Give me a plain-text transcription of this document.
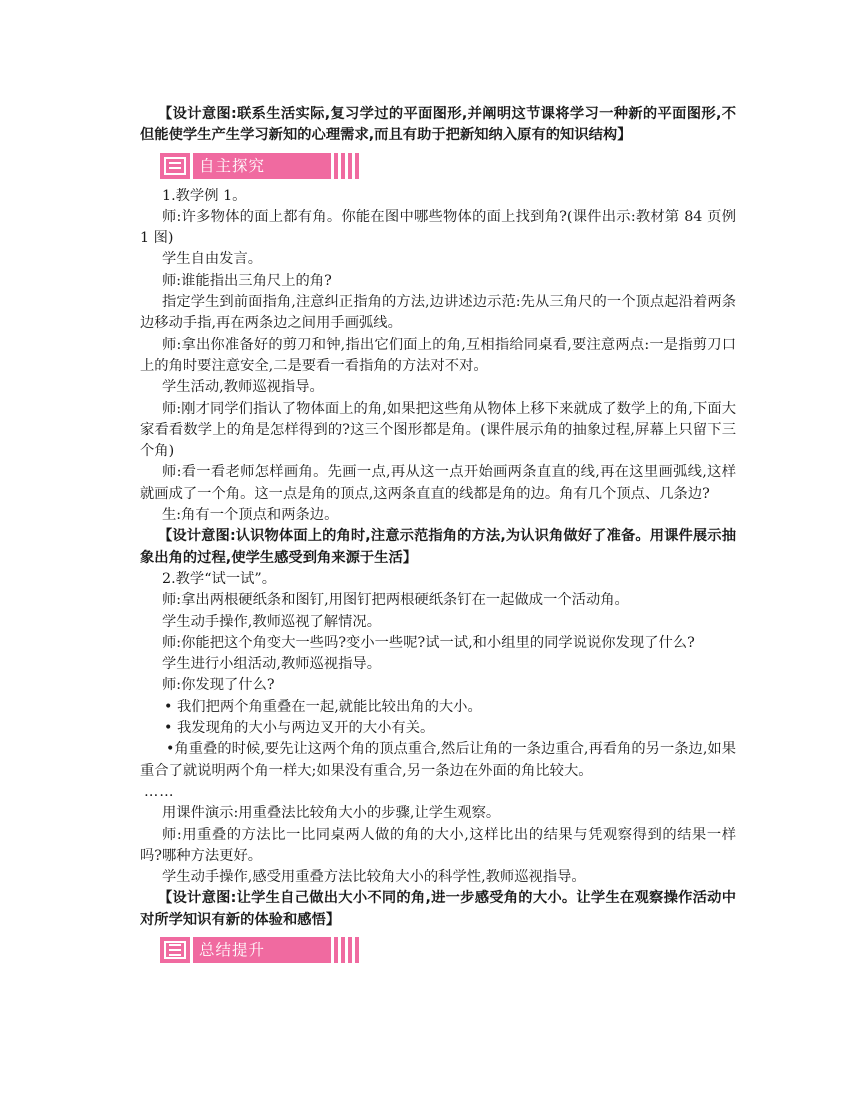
【设计意图:联系生活实际,复习学过的平面图形,并阐明这节课将学习一种新的平面图形,不但能使学生产生学习新知的心理需求,而且有助于把新知纳入原有的知识结构】

自主探究

1.教学例 1。

师:许多物体的面上都有角。你能在图中哪些物体的面上找到角?(课件出示:教材第 84 页例 1 图)

学生自由发言。

师:谁能指出三角尺上的角?

指定学生到前面指角,注意纠正指角的方法,边讲述边示范:先从三角尺的一个顶点起沿着两条边移动手指,再在两条边之间用手画弧线。

师:拿出你准备好的剪刀和钟,指出它们面上的角,互相指给同桌看,要注意两点:一是指剪刀口上的角时要注意安全,二是要看一看指角的方法对不对。

学生活动,教师巡视指导。

师:刚才同学们指认了物体面上的角,如果把这些角从物体上移下来就成了数学上的角,下面大家看看数学上的角是怎样得到的?这三个图形都是角。(课件展示角的抽象过程,屏幕上只留下三个角)

师:看一看老师怎样画角。先画一点,再从这一点开始画两条直直的线,再在这里画弧线,这样就画成了一个角。这一点是角的顶点,这两条直直的线都是角的边。角有几个顶点、几条边?

生:角有一个顶点和两条边。

【设计意图:认识物体面上的角时,注意示范指角的方法,为认识角做好了准备。用课件展示抽象出角的过程,使学生感受到角来源于生活】

2.教学“试一试”。

师:拿出两根硬纸条和图钉,用图钉把两根硬纸条钉在一起做成一个活动角。

学生动手操作,教师巡视了解情况。

师:你能把这个角变大一些吗?变小一些呢?试一试,和小组里的同学说说你发现了什么?

学生进行小组活动,教师巡视指导。

师:你发现了什么?

• 我们把两个角重叠在一起,就能比较出角的大小。

• 我发现角的大小与两边叉开的大小有关。

•角重叠的时候,要先让这两个角的顶点重合,然后让角的一条边重合,再看角的另一条边,如果重合了就说明两个角一样大;如果没有重合,另一条边在外面的角比较大。

……

用课件演示:用重叠法比较角大小的步骤,让学生观察。

师:用重叠的方法比一比同桌两人做的角的大小,这样比出的结果与凭观察得到的结果一样吗?哪种方法更好。

学生动手操作,感受用重叠方法比较角大小的科学性,教师巡视指导。

【设计意图:让学生自己做出大小不同的角,进一步感受角的大小。让学生在观察操作活动中对所学知识有新的体验和感悟】

总结提升
